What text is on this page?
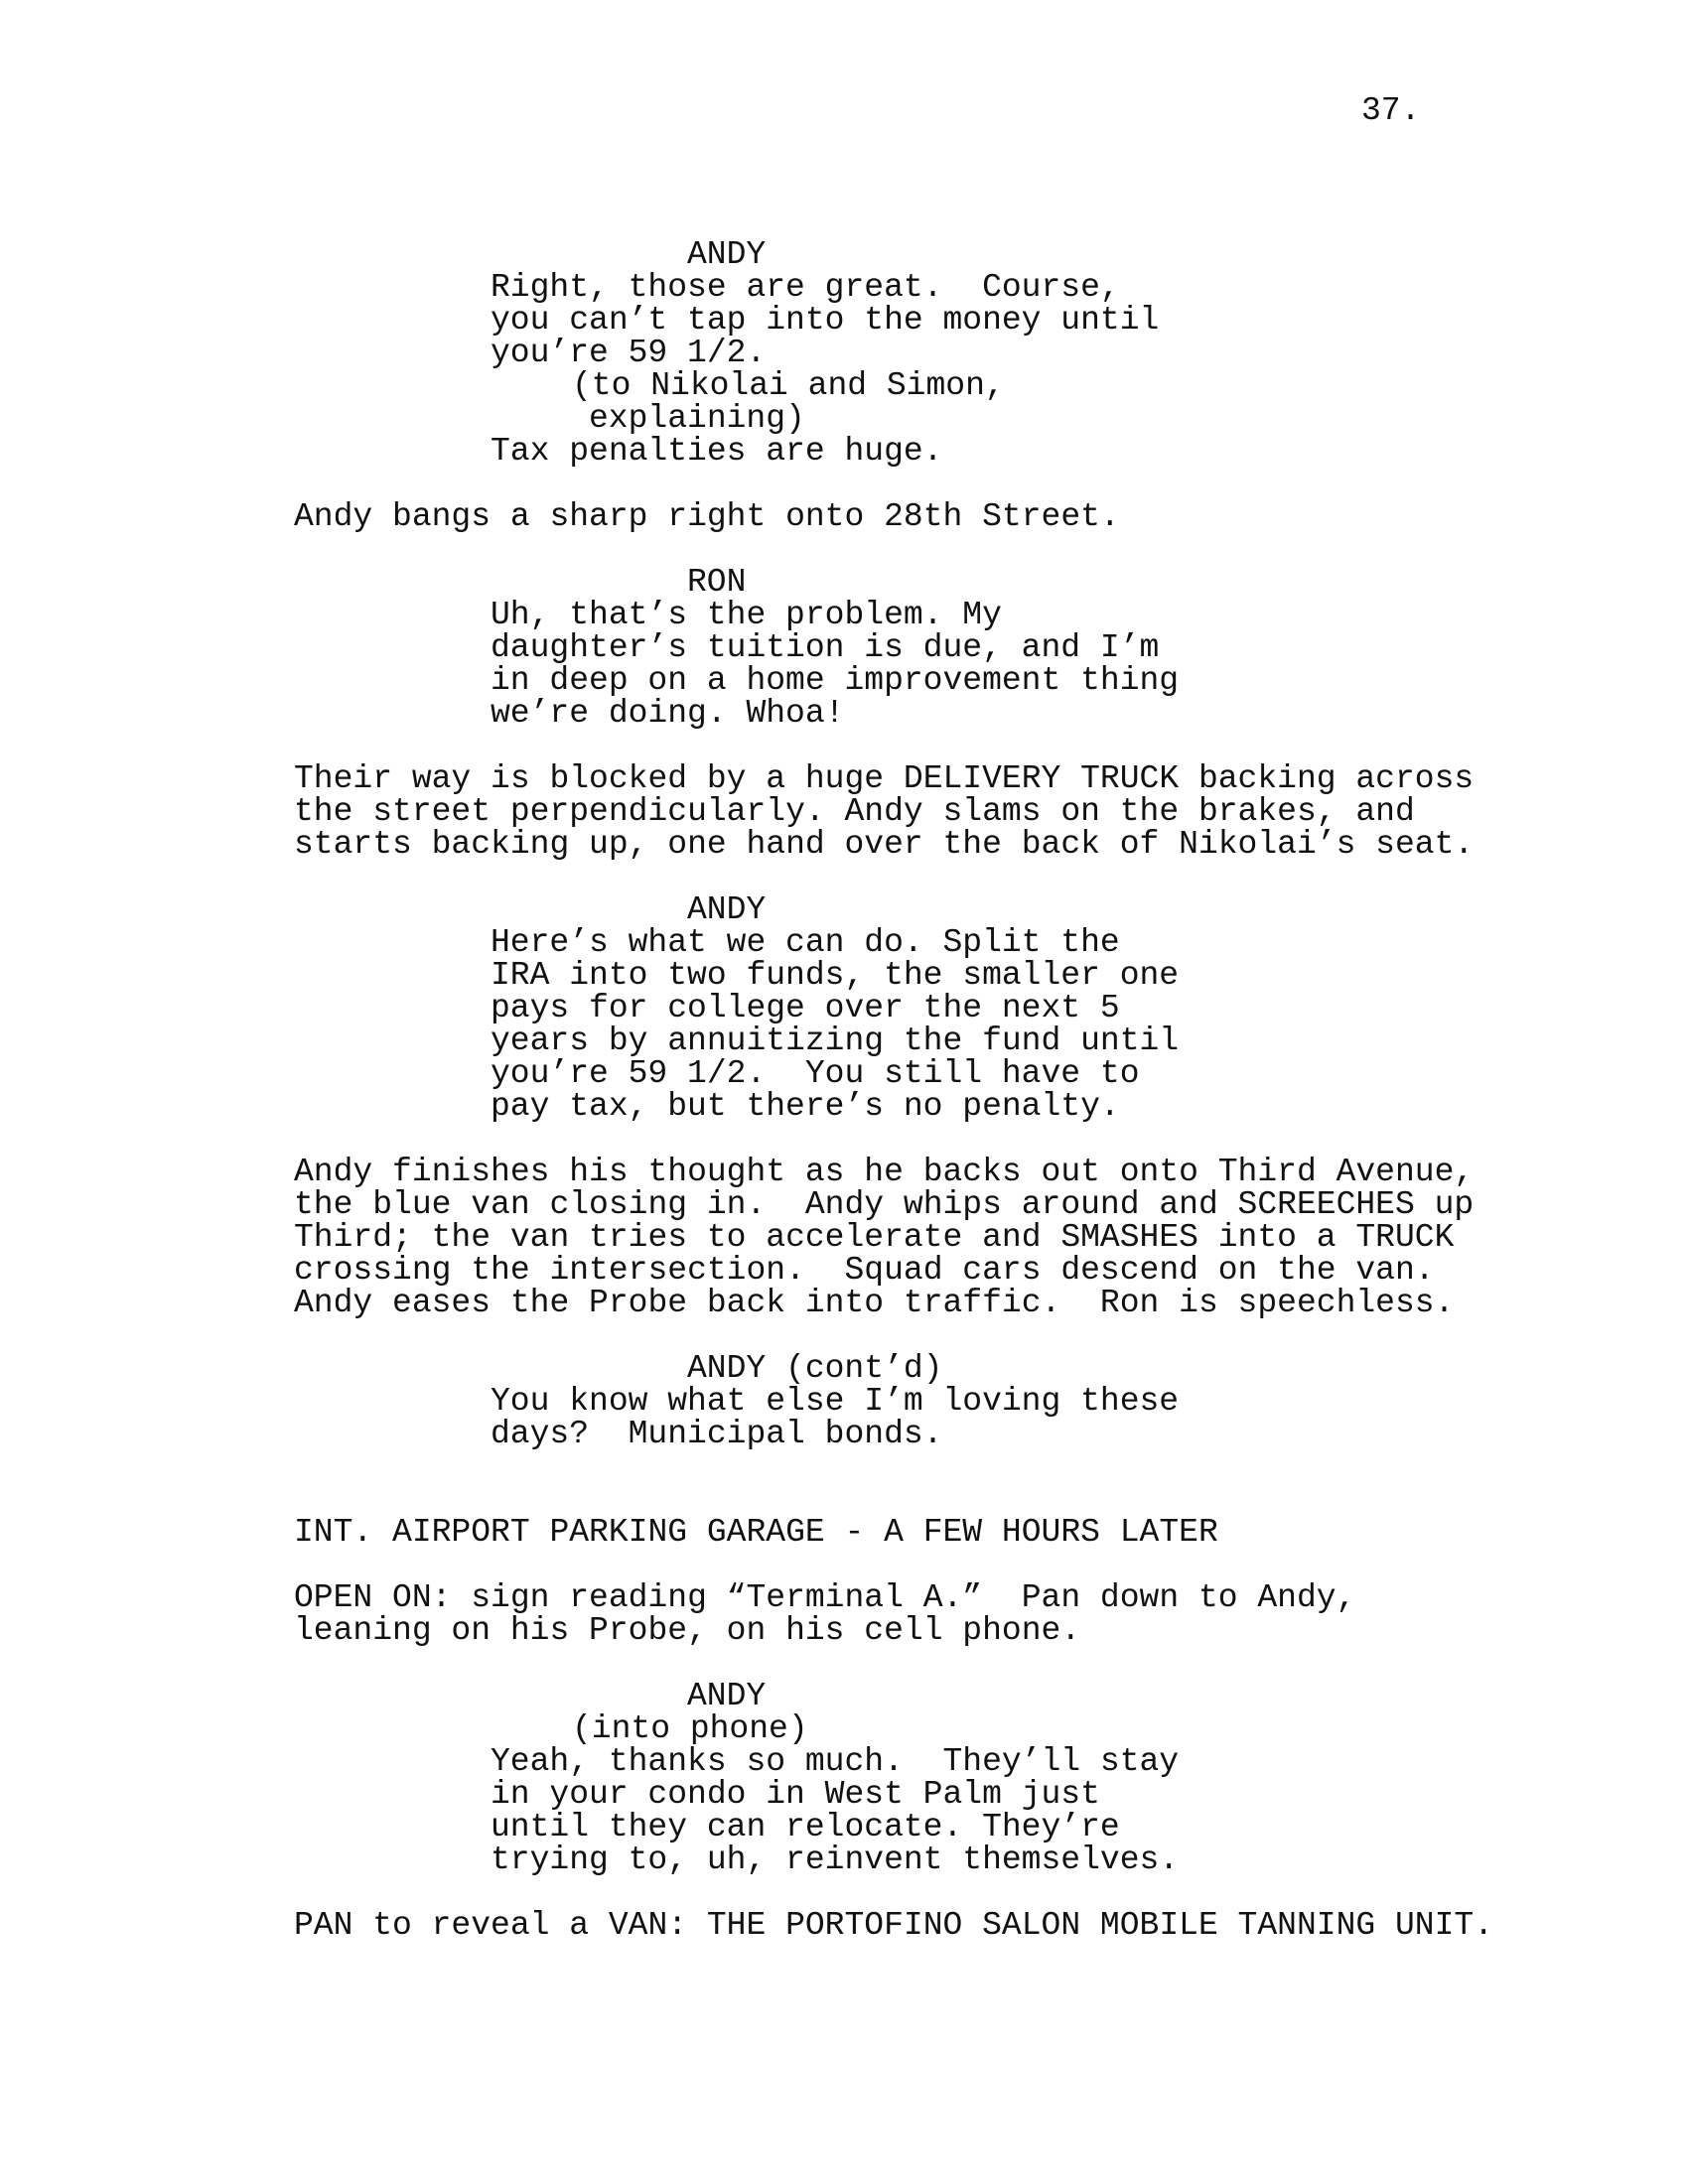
37.
ANDY
Right, those are great.  Course,
you can’t tap into the money until
you’re 59 1/2.
(to Nikolai and Simon,
explaining)
Tax penalties are huge.
Andy bangs a sharp right onto 28th Street.
RON
Uh, that’s the problem. My
daughter’s tuition is due, and I’m
in deep on a home improvement thing
we’re doing. Whoa!
Their way is blocked by a huge DELIVERY TRUCK backing across
the street perpendicularly. Andy slams on the brakes, and
starts backing up, one hand over the back of Nikolai’s seat.
ANDY
Here’s what we can do. Split the
IRA into two funds, the smaller one
pays for college over the next 5
years by annuitizing the fund until
you’re 59 1/2.  You still have to
pay tax, but there’s no penalty.
Andy finishes his thought as he backs out onto Third Avenue,
the blue van closing in.  Andy whips around and SCREECHES up
Third; the van tries to accelerate and SMASHES into a TRUCK
crossing the intersection.  Squad cars descend on the van.
Andy eases the Probe back into traffic.  Ron is speechless.
ANDY (cont’d)
You know what else I’m loving these
days?  Municipal bonds.
INT. AIRPORT PARKING GARAGE - A FEW HOURS LATER
OPEN ON: sign reading “Terminal A.”  Pan down to Andy,
leaning on his Probe, on his cell phone.
ANDY
(into phone)
Yeah, thanks so much.  They’ll stay
in your condo in West Palm just
until they can relocate. They’re
trying to, uh, reinvent themselves.
PAN to reveal a VAN: THE PORTOFINO SALON MOBILE TANNING UNIT.
